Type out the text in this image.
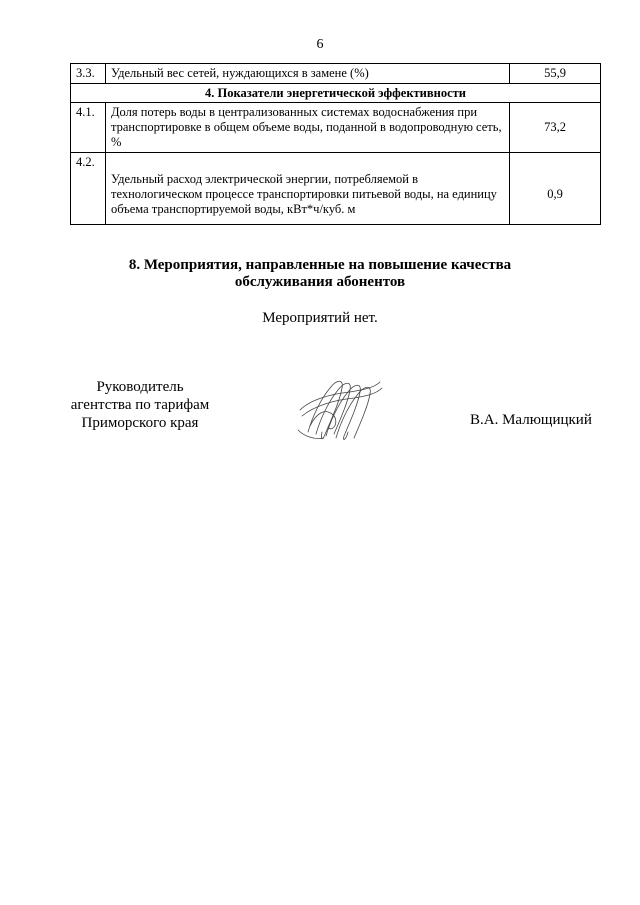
6
3.3.	Удельный вес сетей, нуждающихся в замене (%)	55,9
4. Показатели энергетической эффективности		
4.1.	Доля потерь воды в централизованных системах водоснабжения при транспортировке в общем объеме воды, поданной в водопроводную сеть, %	73,2
4.2.	Удельный расход электрической энергии, потребляемой в технологическом процессе транспортировки питьевой воды, на единицу объема транспортируемой воды, кВт*ч/куб. м	0,9
8. Мероприятия, направленные на повышение качества
обслуживания абонентов
Мероприятий нет.
Руководитель
агентства по тарифам
Приморского края	В.А. Малющицкий
